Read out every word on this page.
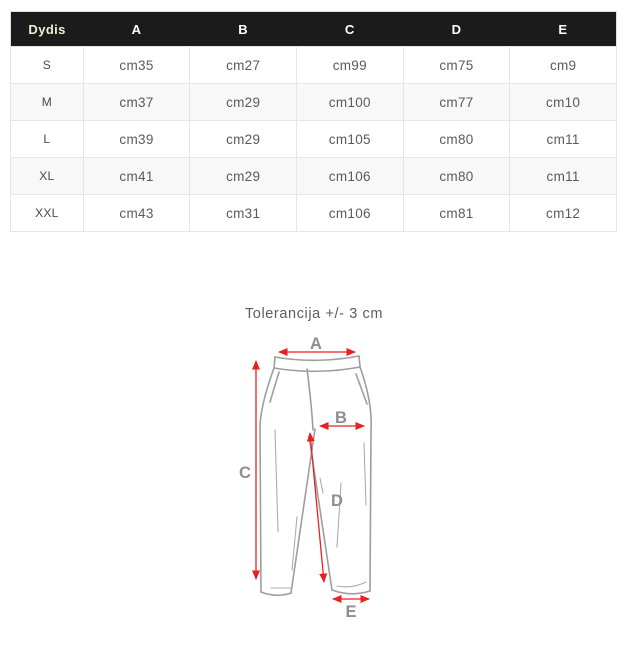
Dydis	A	B	C	D	E
S	cm35	cm27	cm99	cm75	cm9
M	cm37	cm29	cm100	cm77	cm10
L	cm39	cm29	cm105	cm80	cm11
XL	cm41	cm29	cm106	cm80	cm11
XXL	cm43	cm31	cm106	cm81	cm12
Tolerancija +/- 3 cm
A
B
C
D
E
